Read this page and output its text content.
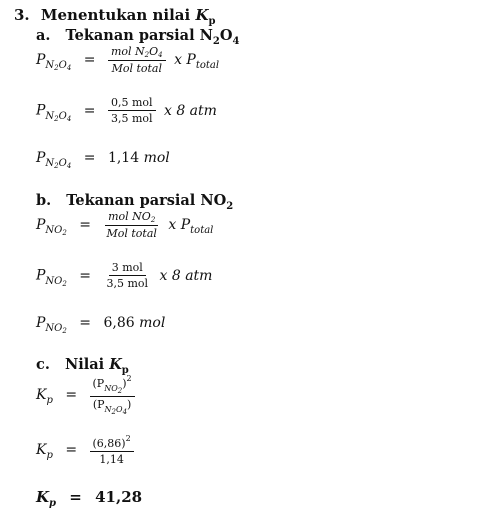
3. Menentukan nilai $K_p$
a. Tekanan parsial $N_2O_4$
$P_{N_2O_4} = \frac{\text{mol N2O4}}{\text{Mol total}}$ x $P_{total}$
$P_{N_2O_4} = \frac{\text{0,5 mol}}{\text{3,5 mol}}$ x 8 atm
$P_{N_2O_4} = 1,14$ mol
b. Tekanan parsial $NO_2$
$P_{NO_2} = \frac{\text{mol NO2}}{\text{Mol total}}$ x $P_{total}$
$P_{NO_2} = \frac{\text{3 mol}}{\text{3,5 mol}}$ x 8 atm
$P_{NO_2} = 6,86$ mol
c. Nilai $K_p$
$K_p = \frac{(P_{NO2})^2}{(P_{N2O4})}$
$K_p = \frac{(6,86)^2}{1,14}$
$K_p = 41,28$
